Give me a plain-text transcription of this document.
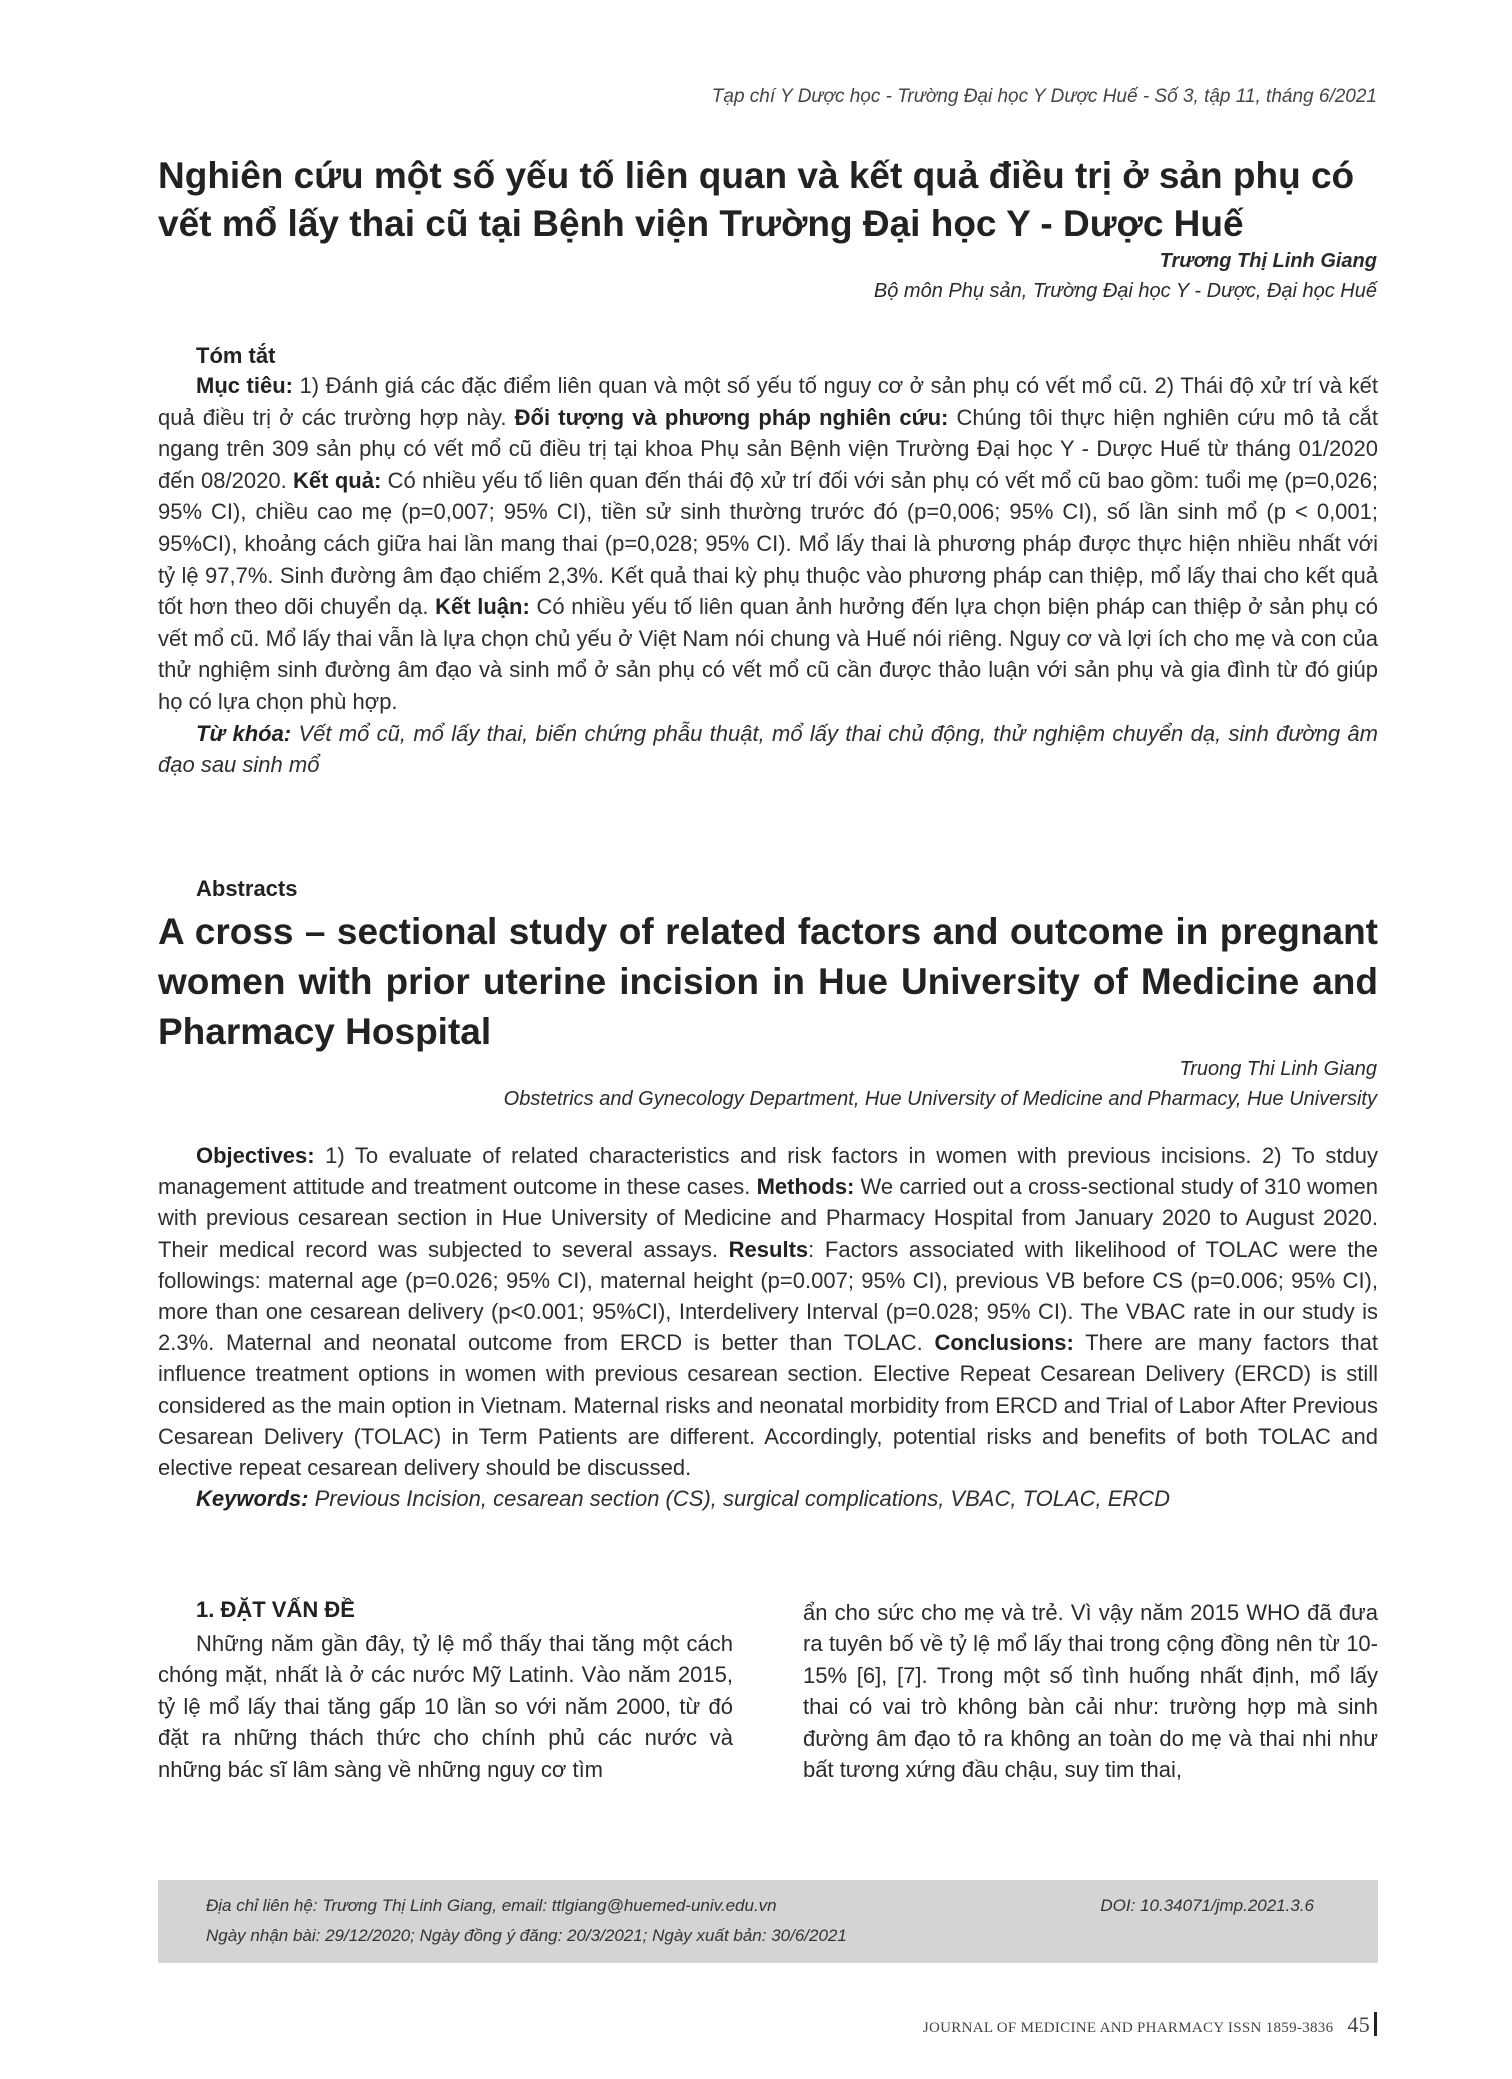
Tạp chí Y Dược học - Trường Đại học Y Dược Huế - Số 3, tập 11, tháng 6/2021
Nghiên cứu một số yếu tố liên quan và kết quả điều trị ở sản phụ có vết mổ lấy thai cũ tại Bệnh viện Trường Đại học Y - Dược Huế
Trương Thị Linh Giang
Bộ môn Phụ sản, Trường Đại học Y - Dược, Đại học Huế
Tóm tắt

Mục tiêu: 1) Đánh giá các đặc điểm liên quan và một số yếu tố nguy cơ ở sản phụ có vết mổ cũ. 2) Thái độ xử trí và kết quả điều trị ở các trường hợp này. Đối tượng và phương pháp nghiên cứu: Chúng tôi thực hiện nghiên cứu mô tả cắt ngang trên 309 sản phụ có vết mổ cũ điều trị tại khoa Phụ sản Bệnh viện Trường Đại học Y - Dược Huế từ tháng 01/2020 đến 08/2020. Kết quả: Có nhiều yếu tố liên quan đến thái độ xử trí đối với sản phụ có vết mổ cũ bao gồm: tuổi mẹ (p=0,026; 95% CI), chiều cao mẹ (p=0,007; 95% CI), tiền sử sinh thường trước đó (p=0,006; 95% CI), số lần sinh mổ (p < 0,001; 95%CI), khoảng cách giữa hai lần mang thai (p=0,028; 95% CI). Mổ lấy thai là phương pháp được thực hiện nhiều nhất với tỷ lệ 97,7%. Sinh đường âm đạo chiếm 2,3%. Kết quả thai kỳ phụ thuộc vào phương pháp can thiệp, mổ lấy thai cho kết quả tốt hơn theo dõi chuyển dạ. Kết luận: Có nhiều yếu tố liên quan ảnh hưởng đến lựa chọn biện pháp can thiệp ở sản phụ có vết mổ cũ. Mổ lấy thai vẫn là lựa chọn chủ yếu ở Việt Nam nói chung và Huế nói riêng. Nguy cơ và lợi ích cho mẹ và con của thử nghiệm sinh đường âm đạo và sinh mổ ở sản phụ có vết mổ cũ cần được thảo luận với sản phụ và gia đình từ đó giúp họ có lựa chọn phù hợp.

Từ khóa: Vết mổ cũ, mổ lấy thai, biến chứng phẫu thuật, mổ lấy thai chủ động, thử nghiệm chuyển dạ, sinh đường âm đạo sau sinh mổ

Abstracts
A cross – sectional study of related factors and outcome in pregnant women with prior uterine incision in Hue University of Medicine and Pharmacy Hospital
Truong Thi Linh Giang
Obstetrics and Gynecology Department, Hue University of Medicine and Pharmacy, Hue University

Objectives: 1) To evaluate of related characteristics and risk factors in women with previous incisions. 2) To stduy management attitude and treatment outcome in these cases. Methods: We carried out a cross-sectional study of 310 women with previous cesarean section in Hue University of Medicine and Pharmacy Hospital from January 2020 to August 2020. Their medical record was subjected to several assays. Results: Factors associated with likelihood of TOLAC were the followings: maternal age (p=0.026; 95% CI), maternal height (p=0.007; 95% CI), previous VB before CS (p=0.006; 95% CI), more than one cesarean delivery (p<0.001; 95%CI), Interdelivery Interval (p=0.028; 95% CI). The VBAC rate in our study is 2.3%. Maternal and neonatal outcome from ERCD is better than TOLAC. Conclusions: There are many factors that influence treatment options in women with previous cesarean section. Elective Repeat Cesarean Delivery (ERCD) is still considered as the main option in Vietnam. Maternal risks and neonatal morbidity from ERCD and Trial of Labor After Previous Cesarean Delivery (TOLAC) in Term Patients are different. Accordingly, potential risks and benefits of both TOLAC and elective repeat cesarean delivery should be discussed.

Keywords: Previous Incision, cesarean section (CS), surgical complications, VBAC, TOLAC, ERCD

1. ĐẶT VẤN ĐỀ

Những năm gần đây, tỷ lệ mổ thấy thai tăng một cách chóng mặt, nhất là ở các nước Mỹ Latinh. Vào năm 2015, tỷ lệ mổ lấy thai tăng gấp 10 lần so với năm 2000, từ đó đặt ra những thách thức cho chính phủ các nước và những bác sĩ lâm sàng về những nguy cơ tìm

ẩn cho sức cho mẹ và trẻ. Vì vậy năm 2015 WHO đã đưa ra tuyên bố về tỷ lệ mổ lấy thai trong cộng đồng nên từ 10-15% [6], [7]. Trong một số tình huống nhất định, mổ lấy thai có vai trò không bàn cải như: trường hợp mà sinh đường âm đạo tỏ ra không an toàn do mẹ và thai nhi như bất tương xứng đầu chậu, suy tim thai,

Địa chỉ liên hệ: Trương Thị Linh Giang, email: ttlgiang@huemed-univ.edu.vn	DOI: 10.34071/jmp.2021.3.6
Ngày nhận bài: 29/12/2020; Ngày đồng ý đăng: 20/3/2021; Ngày xuất bản: 30/6/2021
JOURNAL OF MEDICINE AND PHARMACY ISSN 1859-3836 45
